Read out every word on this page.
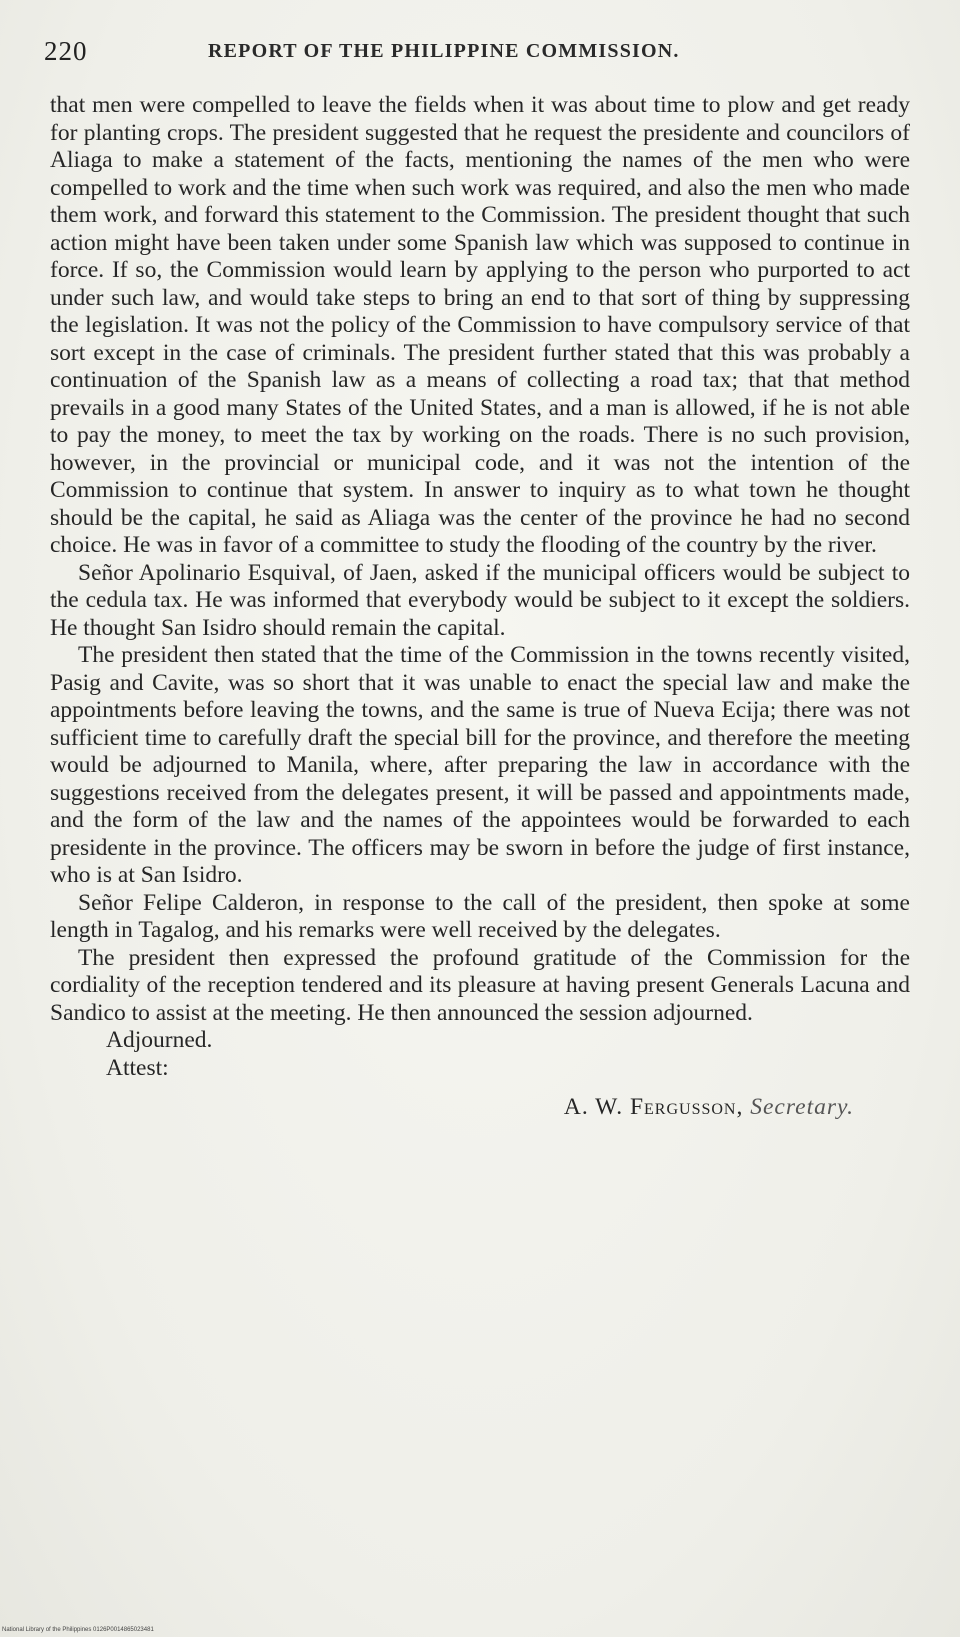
220	REPORT OF THE PHILIPPINE COMMISSION.

that men were compelled to leave the fields when it was about time to plow and get ready for planting crops. The president suggested that he request the presidente and councilors of Aliaga to make a statement of the facts, mentioning the names of the men who were compelled to work and the time when such work was required, and also the men who made them work, and forward this statement to the Commission. The president thought that such action might have been taken under some Spanish law which was supposed to continue in force. If so, the Commission would learn by applying to the person who purported to act under such law, and would take steps to bring an end to that sort of thing by suppressing the legislation. It was not the policy of the Commission to have compulsory service of that sort except in the case of criminals. The president further stated that this was probably a continuation of the Spanish law as a means of collecting a road tax; that that method prevails in a good many States of the United States, and a man is allowed, if he is not able to pay the money, to meet the tax by working on the roads. There is no such provision, however, in the provincial or municipal code, and it was not the intention of the Commission to continue that system. In answer to inquiry as to what town he thought should be the capital, he said as Aliaga was the center of the province he had no second choice. He was in favor of a committee to study the flooding of the country by the river.

Señor Apolinario Esquival, of Jaen, asked if the municipal officers would be subject to the cedula tax. He was informed that everybody would be subject to it except the soldiers. He thought San Isidro should remain the capital.

The president then stated that the time of the Commission in the towns recently visited, Pasig and Cavite, was so short that it was unable to enact the special law and make the appointments before leaving the towns, and the same is true of Nueva Ecija; there was not sufficient time to carefully draft the special bill for the province, and therefore the meeting would be adjourned to Manila, where, after preparing the law in accordance with the suggestions received from the delegates present, it will be passed and appointments made, and the form of the law and the names of the appointees would be forwarded to each presidente in the province. The officers may be sworn in before the judge of first instance, who is at San Isidro.

Señor Felipe Calderon, in response to the call of the president, then spoke at some length in Tagalog, and his remarks were well received by the delegates.

The president then expressed the profound gratitude of the Commission for the cordiality of the reception tendered and its pleasure at having present Generals Lacuna and Sandico to assist at the meeting. He then announced the session adjourned.

Adjourned.

Attest:

A. W. Fergusson, Secretary.
National Library of the Philippines 0126P0014865023481
